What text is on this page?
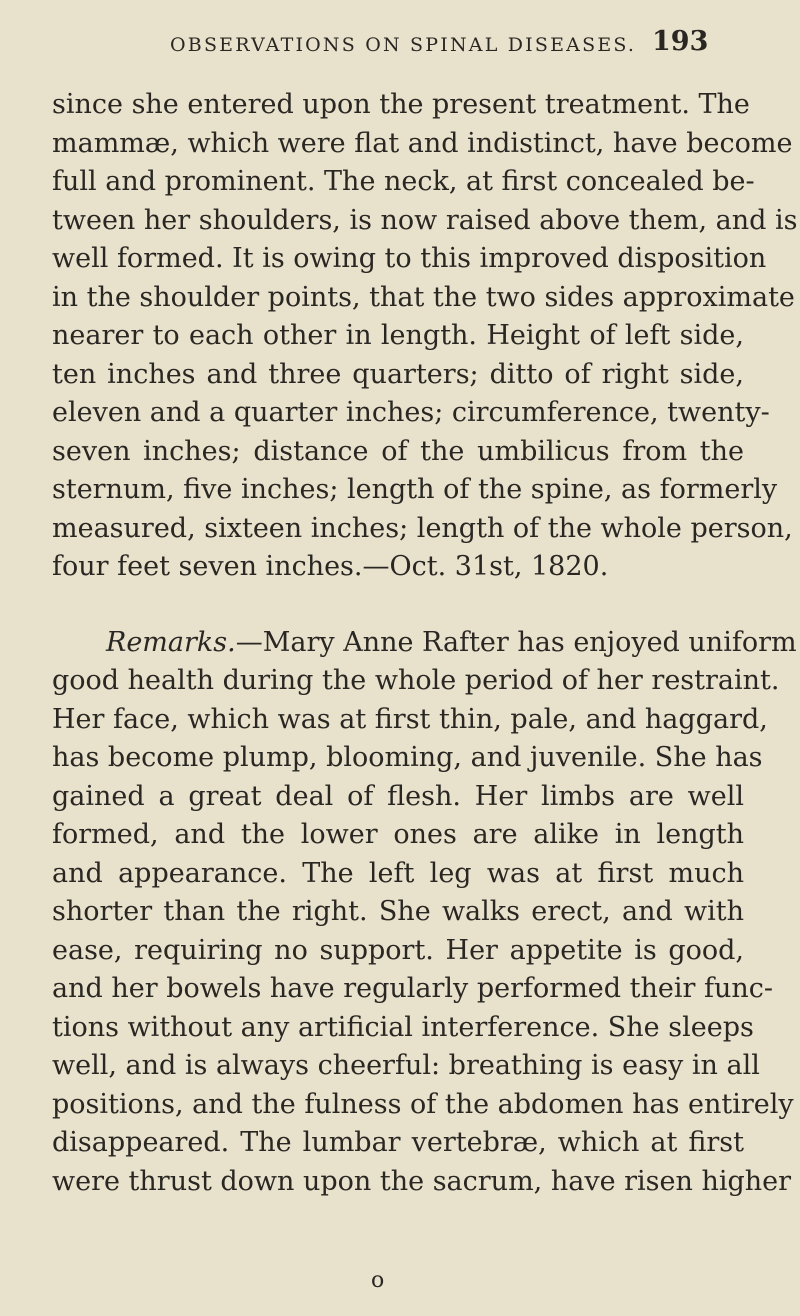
OBSERVATIONS ON SPINAL DISEASES. 193
since she entered upon the present treatment. The
mammæ, which were flat and indistinct, have become
full and prominent. The neck, at first concealed be-
tween her shoulders, is now raised above them, and is
well formed. It is owing to this improved disposition
in the shoulder points, that the two sides approximate
nearer to each other in length. Height of left side,
ten inches and three quarters; ditto of right side,
eleven and a quarter inches; circumference, twenty-
seven inches; distance of the umbilicus from the
sternum, five inches; length of the spine, as formerly
measured, sixteen inches; length of the whole person,
four feet seven inches.—Oct. 31st, 1820.
Remarks.—Mary Anne Rafter has enjoyed uniform
good health during the whole period of her restraint.
Her face, which was at first thin, pale, and haggard,
has become plump, blooming, and juvenile. She has
gained a great deal of flesh. Her limbs are well
formed, and the lower ones are alike in length
and appearance. The left leg was at first much
shorter than the right. She walks erect, and with
ease, requiring no support. Her appetite is good,
and her bowels have regularly performed their func-
tions without any artificial interference. She sleeps
well, and is always cheerful: breathing is easy in all
positions, and the fulness of the abdomen has entirely
disappeared. The lumbar vertebræ, which at first
were thrust down upon the sacrum, have risen higher
o
